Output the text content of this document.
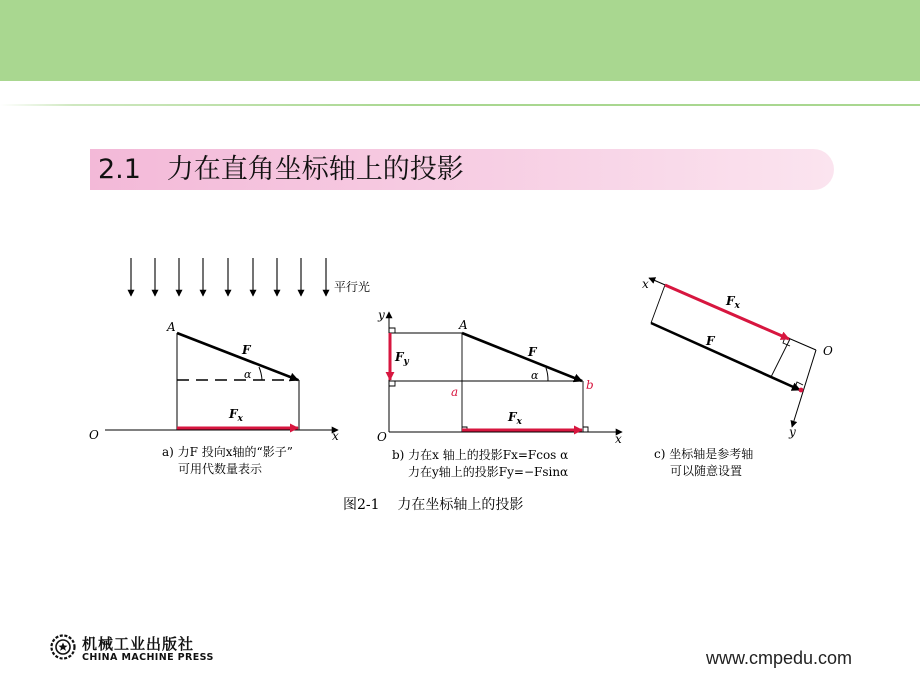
2.1 力在直角坐标轴上的投影
平行光
O	x
α
A
F
$F_x$
a) 力F 投向x轴的“影子”
可用代数量表示
O	x
y
α
A
F
a	b
$F_y$
$F_x$
b) 力在x 轴上的投影Fx=Fcos α
力在y轴上的投影Fy=−Fsinα
O
x
y
F
$F_x$
c) 坐标轴是参考轴
可以随意设置
图2-1    力在坐标轴上的投影
机械工业出版社
CHINA MACHINE PRESS	www.cmpedu.com
